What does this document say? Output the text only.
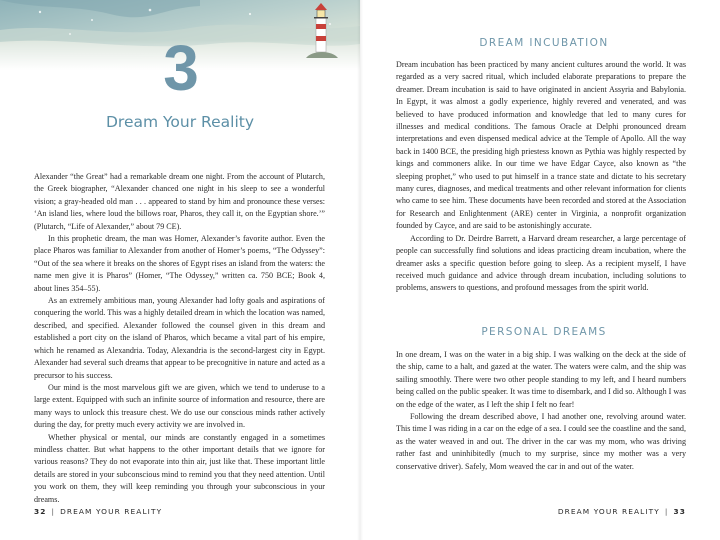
3
Dream Your Reality

Alexander “the Great” had a remarkable dream one night. From the account of Plutarch, the Greek biographer, “Alexander chanced one night in his sleep to see a wonderful vision; a gray-headed old man . . . appeared to stand by him and pronounce these verses: ‘An island lies, where loud the billows roar, Pharos, they call it, on the Egyptian shore.’” (Plutarch, “Life of Alexander,” about 79 CE).

In this prophetic dream, the man was Homer, Alexander’s favorite author. Even the place Pharos was familiar to Alexander from another of Homer’s poems, “The Odyssey”: “Out of the sea where it breaks on the shores of Egypt rises an island from the waters: the name men give it is Pharos” (Homer, “The Odyssey,” written ca. 750 BCE; Book 4, about lines 354–55).

As an extremely ambitious man, young Alexander had lofty goals and aspirations of conquering the world. This was a highly detailed dream in which the location was named, described, and specified. Alexander followed the counsel given in this dream and established a port city on the island of Pharos, which became a vital part of his empire, which he renamed as Alexandria. Today, Alexandria is the second-largest city in Egypt. Alexander had several such dreams that appear to be precognitive in nature and acted as a precursor to his success.

Our mind is the most marvelous gift we are given, which we tend to underuse to a large extent. Equipped with such an infinite source of information and resource, there are many ways to unlock this treasure chest. We do use our conscious minds rather actively during the day, for pretty much every activity we are involved in.

Whether physical or mental, our minds are constantly engaged in a sometimes mindless chatter. But what happens to the other important details that we ignore for various reasons? They do not evaporate into thin air, just like that. These important little details are stored in your subconscious mind to remind you that they need attention. Until you work on them, they will keep reminding you through your subconscious in your dreams.

32 | DREAM YOUR REALITY
DREAM INCUBATION

Dream incubation has been practiced by many ancient cultures around the world. It was regarded as a very sacred ritual, which included elaborate preparations to prepare the dreamer. Dream incubation is said to have originated in ancient Assyria and Babylonia. In Egypt, it was almost a godly experience, highly revered and venerated, and was believed to have produced information and knowledge that led to many cures for illnesses and medical conditions. The famous Oracle at Delphi pronounced dream interpretations and even dispensed medical advice at the Temple of Apollo. All the way back in 1400 BCE, the presiding high priestess known as Pythia was highly respected by kings and commoners alike. In our time we have Edgar Cayce, also known as “the sleeping prophet,” who used to put himself in a trance state and dictate to his secretary many cures, diagnoses, and medical treatments and other relevant information for clients who came to see him. These documents have been recorded and stored at the Association for Research and Enlightenment (ARE) center in Virginia, a nonprofit organization founded by Cayce, and are said to be astonishingly accurate.

According to Dr. Deirdre Barrett, a Harvard dream researcher, a large percentage of people can successfully find solutions and ideas practicing dream incubation, where the dreamer asks a specific question before going to sleep. As a recipient myself, I have received much guidance and advice through dream incubation, including solutions to problems, answers to questions, and profound messages from the spirit world.

PERSONAL DREAMS

In one dream, I was on the water in a big ship. I was walking on the deck at the side of the ship, came to a halt, and gazed at the water. The waters were calm, and the ship was sailing smoothly. There were two other people standing to my left, and I heard numbers being called on the public speaker. It was time to disembark, and I did so. Although I was on the edge of the water, as I left the ship I felt no fear!

Following the dream described above, I had another one, revolving around water. This time I was riding in a car on the edge of a sea. I could see the coastline and the sand, as the water weaved in and out. The driver in the car was my mom, who was driving rather fast and uninhibitedly (much to my surprise, since my mother was a very conservative driver). Safely, Mom weaved the car in and out of the water.

DREAM YOUR REALITY | 33
